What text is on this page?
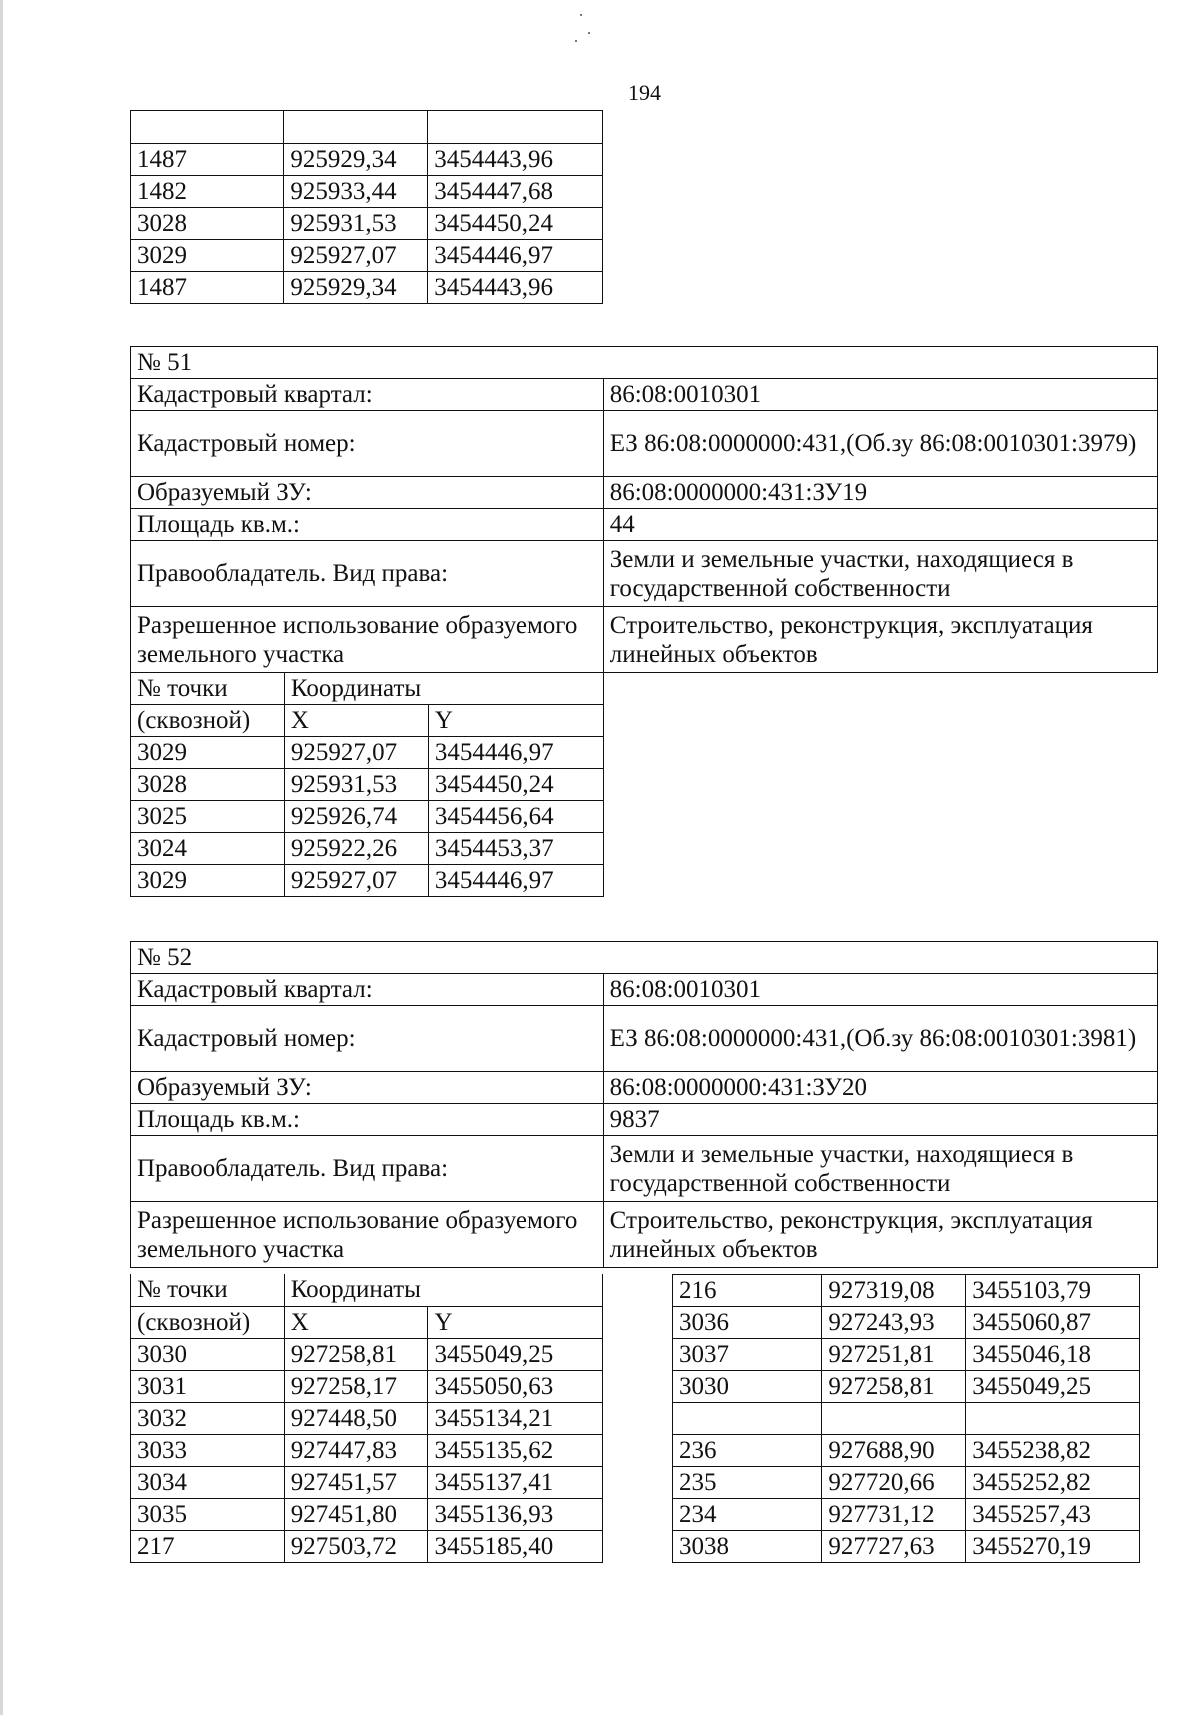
194

1487	925929,34	3454443,96
1482	925933,44	3454447,68
3028	925931,53	3454450,24
3029	925927,07	3454446,97
1487	925929,34	3454443,96
№ 51			
Кадастровый квартал:			86:08:0010301
Кадастровый номер:			ЕЗ 86:08:0000000:431,(Об.зу 86:08:0010301:3979)
Образуемый ЗУ:			86:08:0000000:431:ЗУ19
Площадь кв.м.:			44
Правообладатель. Вид права:			Земли и земельные участки, находящиеся в государственной собственности
Разрешенное использование образуемого земельного участка			Строительство, реконструкция, эксплуатация линейных объектов
№ точки	Координаты		
(сквозной)	X	Y	
3029	925927,07	3454446,97	
3028	925931,53	3454450,24	
3025	925926,74	3454456,64	
3024	925922,26	3454453,37	
3029	925927,07	3454446,97	
№ 52	
Кадастровый квартал:	86:08:0010301
Кадастровый номер:	ЕЗ 86:08:0000000:431,(Об.зу 86:08:0010301:3981)
Образуемый ЗУ:	86:08:0000000:431:ЗУ20
Площадь кв.м.:	9837
Правообладатель. Вид права:	Земли и земельные участки, находящиеся в государственной собственности
Разрешенное использование образуемого земельного участка	Строительство, реконструкция, эксплуатация линейных объектов
№ точки	Координаты	
(сквозной)	X	Y
3030	927258,81	3455049,25
3031	927258,17	3455050,63
3032	927448,50	3455134,21
3033	927447,83	3455135,62
3034	927451,57	3455137,41
3035	927451,80	3455136,93
217	927503,72	3455185,40
216	927319,08	3455103,79
3036	927243,93	3455060,87
3037	927251,81	3455046,18
3030	927258,81	3455049,25

236	927688,90	3455238,82
235	927720,66	3455252,82
234	927731,12	3455257,43
3038	927727,63	3455270,19
